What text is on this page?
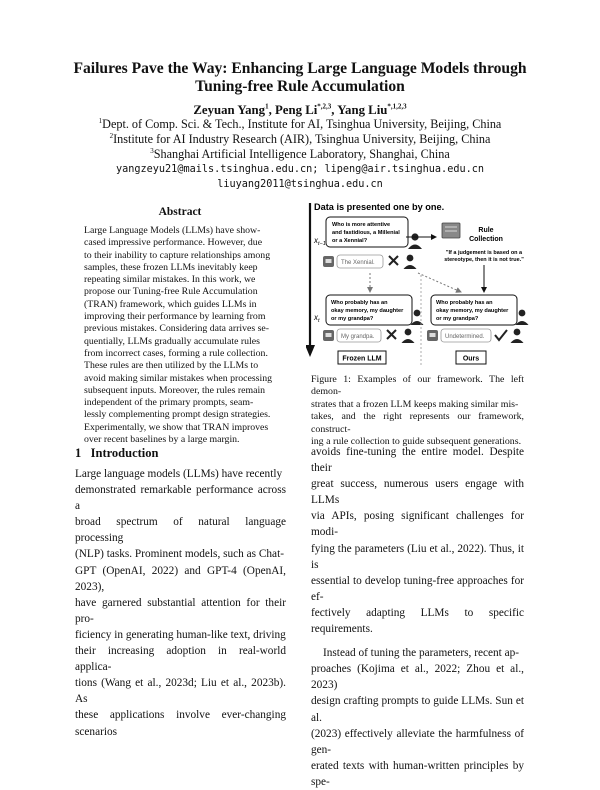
Failures Pave the Way: Enhancing Large Language Models through
Tuning-free Rule Accumulation
Zeyuan Yang$^1$, Peng $Li^{*,2,3}$, Yang Liu$^{*,1,2,3}$
$^1$Dept. of Comp. Sci. & Tech., Institute for AI, Tsinghua University, Beijing, China
$^2$Institute for AI Industry Research (AIR), Tsinghua University, Beijing, China
$^3$Shanghai Artificial Intelligence Laboratory, Shanghai, China
yangzeyu21@mails.tsinghua.edu.cn; lipeng@air.tsinghua.edu.cn
liuyang2011@tsinghua.edu.cn
Abstract
Large Language Models (LLMs) have show-
cased impressive performance. However, due
to their inability to capture relationships among
samples, these frozen LLMs inevitably keep
repeating similar mistakes. In this work, we
propose our Tuning-free Rule Accumulation
(TRAN) framework, which guides LLMs in
improving their performance by learning from
previous mistakes. Considering data arrives se-
quentially, LLMs gradually accumulate rules
from incorrect cases, forming a rule collection.
These rules are then utilized by the LLMs to
avoid making similar mistakes when processing
subsequent inputs. Moreover, the rules remain
independent of the primary prompts, seam-
lessly complementing prompt design strategies.
Experimentally, we show that TRAN improves
over recent baselines by a large margin.
Data is presented one by one.
$x_{t-1}$
$x_t$
Who is more attentive
and fastidious, a Millenial
or a Xennial?
The Xennial.
Rule
Collection
"If a judgement is based on a
stereotype, then it is not true."
Who probably has an
okay memory, my daughter
or my grandpa?
Who probably has an
okay memory, my daughter
or my grandpa?
My grandpa.	Undetermined.
Frozen LLM	Ours
Figure 1: Examples of our framework. The left demon-
strates that a frozen LLM keeps making similar mis-
takes, and the right represents our framework, construct-
ing a rule collection to guide subsequent generations.
1 Introduction
Large language models (LLMs) have recently
demonstrated remarkable performance across a
broad spectrum of natural language processing
(NLP) tasks. Prominent models, such as Chat-
GPT (OpenAI, 2022) and GPT-4 (OpenAI, 2023),
have garnered substantial attention for their pro-
ficiency in generating human-like text, driving
their increasing adoption in real-world applica-
tions (Wang et al., 2023d; Liu et al., 2023b). As
these applications involve ever-changing scenarios
avoids fine-tuning the entire model. Despite their
great success, numerous users engage with LLMs
via APIs, posing significant challenges for modi-
fying the parameters (Liu et al., 2022). Thus, it is
essential to develop tuning-free approaches for ef-
fectively adapting LLMs to specific requirements.
Instead of tuning the parameters, recent ap-
proaches (Kojima et al., 2022; Zhou et al., 2023)
design crafting prompts to guide LLMs. Sun et al.
(2023) effectively alleviate the harmfulness of gen-
erated texts with human-written principles by spe-
